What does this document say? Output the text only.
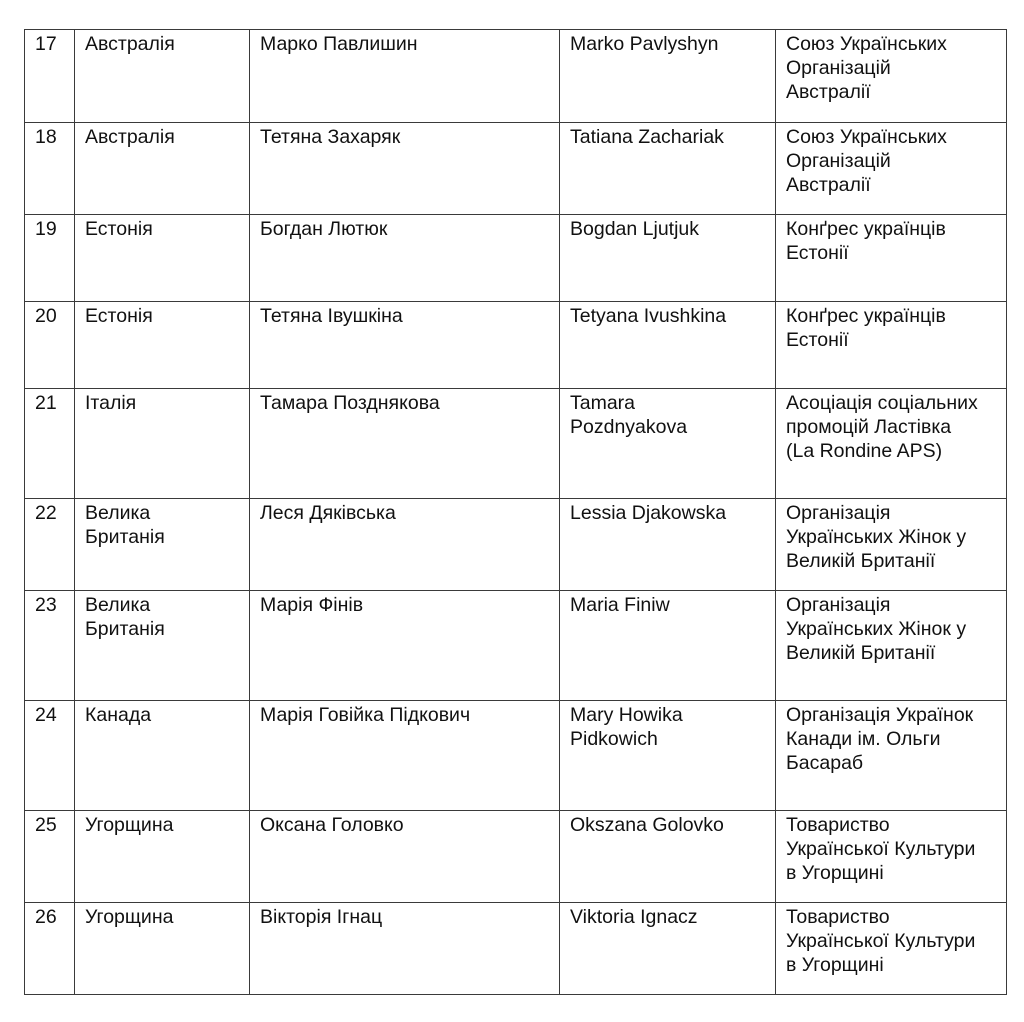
17	Австралія	Марко Павлишин	Marko Pavlyshyn	Союз Українських
Організацій
Австралії
18	Австралія	Тетяна Захаряк	Tatiana Zachariak	Союз Українських
Організацій
Австралії
19	Естонія	Богдан Лютюк	Bogdan Ljutjuk	Конґрес українців
Естонії
20	Естонія	Тетяна Івушкіна	Tetyana Ivushkina	Конґрес українців
Естонії
21	Італія	Тамара Позднякова	Tamara
Pozdnyakova	Асоціація соціальних
промоцій Ластівка
(La Rondine APS)
22	Велика
Британія	Леся Дяківська	Lessia Djakowska	Організація
Українських Жінок у
Великій Британії
23	Велика
Британія	Марія Фінів	Maria Finiw	Організація
Українських Жінок у
Великій Британії
24	Канада	Марія Говійка Підкович	Mary Howika
Pidkowich	Організація Українок
Канади ім. Ольги
Басараб
25	Угорщина	Оксана Головко	Okszana Golovko	Товариство
Української Культури
в Угорщині
26	Угорщина	Вікторія Ігнац	Viktoria Ignacz	Товариство
Української Культури
в Угорщині
